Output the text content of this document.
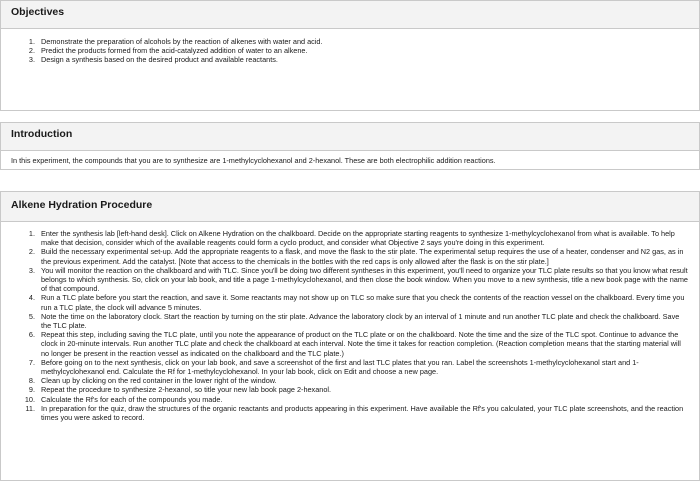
Objectives
1. Demonstrate the preparation of alcohols by the reaction of alkenes with water and acid.
2. Predict the products formed from the acid-catalyzed addition of water to an alkene.
3. Design a synthesis based on the desired product and available reactants.
Introduction
In this experiment, the compounds that you are to synthesize are 1-methylcyclohexanol and 2-hexanol. These are both electrophilic addition reactions.
Alkene Hydration Procedure
1. Enter the synthesis lab [left-hand desk]. Click on Alkene Hydration on the chalkboard. Decide on the appropriate starting reagents to synthesize 1-methylcyclohexanol from what is available. To help make that decision, consider which of the available reagents could form a cyclo product, and consider what Objective 2 says you're doing in this experiment.
2. Build the necessary experimental set-up. Add the appropriate reagents to a flask, and move the flask to the stir plate. The experimental setup requires the use of a heater, condenser and N2 gas, as in the previous experiment. Add the catalyst. [Note that access to the chemicals in the bottles with the red caps is only allowed after the flask is on the stir plate.]
3. You will monitor the reaction on the chalkboard and with TLC. Since you'll be doing two different syntheses in this experiment, you'll need to organize your TLC plate results so that you know what result belongs to which synthesis. So, click on your lab book, and title a page 1-methylcyclohexanol, and then close the book window. When you move to a new synthesis, title a new book page with the name of that compound.
4. Run a TLC plate before you start the reaction, and save it. Some reactants may not show up on TLC so make sure that you check the contents of the reaction vessel on the chalkboard. Every time you run a TLC plate, the clock will advance 5 minutes.
5. Note the time on the laboratory clock. Start the reaction by turning on the stir plate. Advance the laboratory clock by an interval of 1 minute and run another TLC plate and check the chalkboard. Save the TLC plate.
6. Repeat this step, including saving the TLC plate, until you note the appearance of product on the TLC plate or on the chalkboard. Note the time and the size of the TLC spot. Continue to advance the clock in 20-minute intervals. Run another TLC plate and check the chalkboard at each interval. Note the time it takes for reaction completion. (Reaction completion means that the starting material will no longer be present in the reaction vessel as indicated on the chalkboard and the TLC plate.)
7. Before going on to the next synthesis, click on your lab book, and save a screenshot of the first and last TLC plates that you ran. Label the screenshots 1-methylcyclohexanol start and 1-methylcyclohexanol end. Calculate the Rf for 1-methylcyclohexanol. In your lab book, click on Edit and choose a new page.
8. Clean up by clicking on the red container in the lower right of the window.
9. Repeat the procedure to synthesize 2-hexanol, so title your new lab book page 2-hexanol.
10. Calculate the Rf's for each of the compounds you made.
11. In preparation for the quiz, draw the structures of the organic reactants and products appearing in this experiment. Have available the Rf's you calculated, your TLC plate screenshots, and the reaction times you were asked to record.
